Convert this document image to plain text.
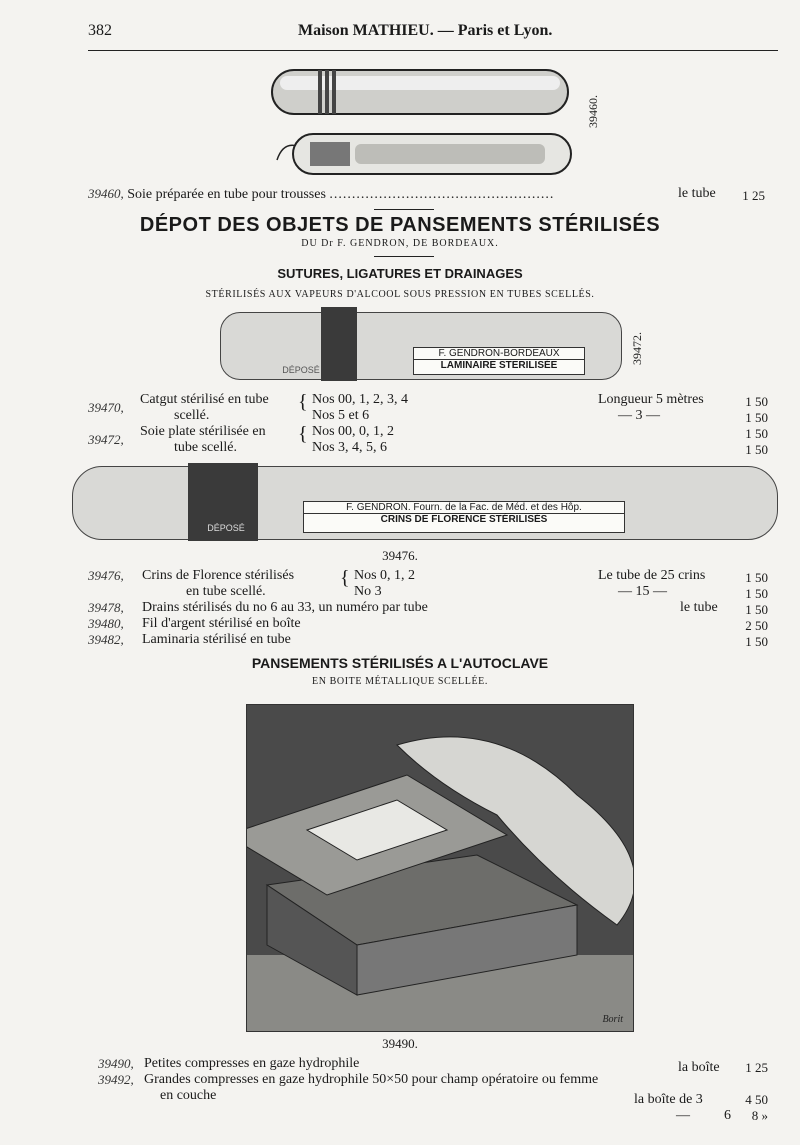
382	Maison MATHIEU. — Paris et Lyon.
39460.
39460, Soie préparée en tube pour trousses ..................................................	le tube	1 25
DÉPOT DES OBJETS DE PANSEMENTS STÉRILISÉS
DU Dr F. GENDRON, DE BORDEAUX.
SUTURES, LIGATURES ET DRAINAGES
STÉRILISÉS AUX VAPEURS D'ALCOOL SOUS PRESSION EN TUBES SCELLÉS.
DÉPOSÉ
F. GENDRON-BORDEAUX
LAMINAIRE STERILISÉE
39472.
39470,
Catgut stérilisé en tube
scellé.
{ Nos 00, 1, 2, 3, 4	Longueur 5 mètres	1 50
Nos 5 et 6	— 3 —	1 50
39472,
Soie plate stérilisée en
tube scellé.
{ Nos 00, 0, 1, 2	1 50
Nos 3, 4, 5, 6	1 50
DÉPOSÉ
F. GENDRON. Fourn. de la Fac. de Méd. et des Hôp.
CRINS DE FLORENCE STÉRILISÉS
39476.
39476, Crins de Florence stérilisés
en tube scellé.
{ Nos 0, 1, 2	Le tube de 25 crins	1 50
No 3	— 15 —	1 50
39478, Drains stérilisés du no 6 au 33, un numéro par tube	le tube	1 50
39480, Fil d'argent stérilisé en boîte	2 50
39482, Laminaria stérilisé en tube	1 50
PANSEMENTS STÉRILISÉS A L'AUTOCLAVE
EN BOITE MÉTALLIQUE SCELLÉE.
Borit
39490.
39490, Petites compresses en gaze hydrophile	la boîte	1 25
39492, Grandes compresses en gaze hydrophile 50×50 pour champ opératoire ou femme
en couche	la boîte de 3	4 50
— 6	8 »
